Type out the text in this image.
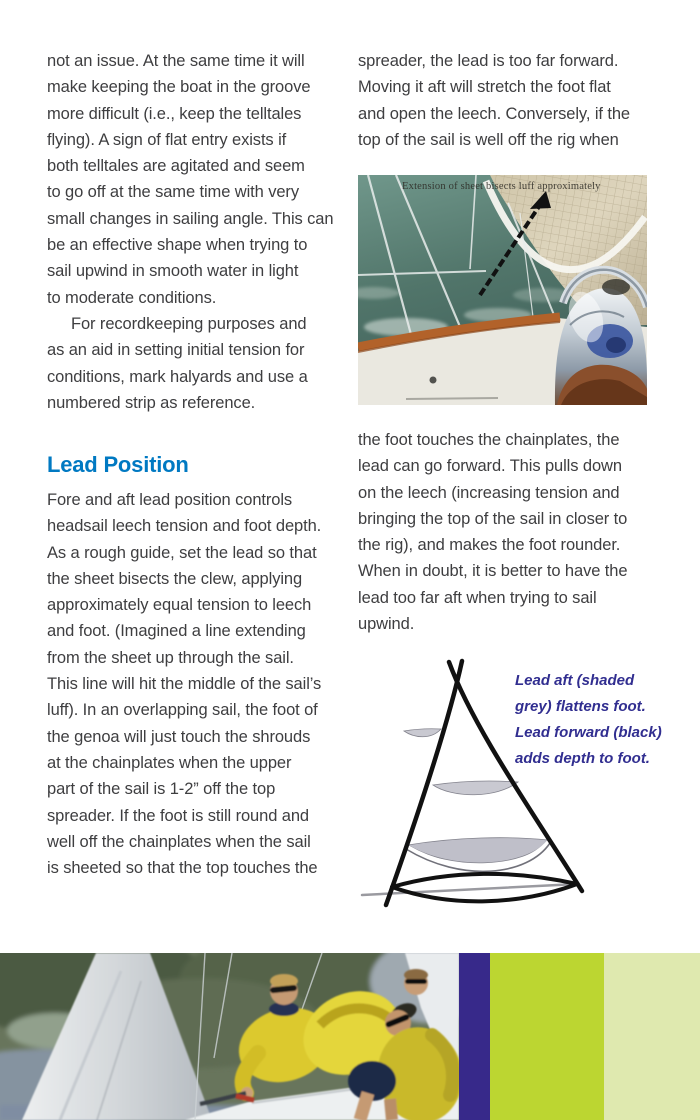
not an issue. At the same time it will
make keeping the boat in the groove
more difficult (i.e., keep the telltales
flying). A sign of flat entry exists if
both telltales are agitated and seem
to go off at the same time with very
small changes in sailing angle. This can
be an effective shape when trying to
sail upwind in smooth water in light
to moderate conditions.
For recordkeeping purposes and
as an aid in setting initial tension for
conditions, mark halyards and use a
numbered strip as reference.
Lead Position
Fore and aft lead position controls
headsail leech tension and foot depth.
As a rough guide, set the lead so that
the sheet bisects the clew, applying
approximately equal tension to leech
and foot. (Imagined a line extending
from the sheet up through the sail.
This line will hit the middle of the sail’s
luff). In an overlapping sail, the foot of
the genoa will just touch the shrouds
at the chainplates when the upper
part of the sail is 1-2” off the top
spreader. If the foot is still round and
well off the chainplates when the sail
is sheeted so that the top touches the
spreader, the lead is too far forward.
Moving it aft will stretch the foot flat
and open the leech. Conversely, if the
top of the sail is well off the rig when
the foot touches the chainplates, the
lead can go forward. This pulls down
on the leech (increasing tension and
bringing the top of the sail in closer to
the rig), and makes the foot rounder.
When in doubt, it is better to have the
lead too far aft when trying to sail
upwind.
Extension of sheet bisects luff approximately
Lead aft (shaded
grey) flattens foot.
Lead forward (black)
adds depth to foot.
